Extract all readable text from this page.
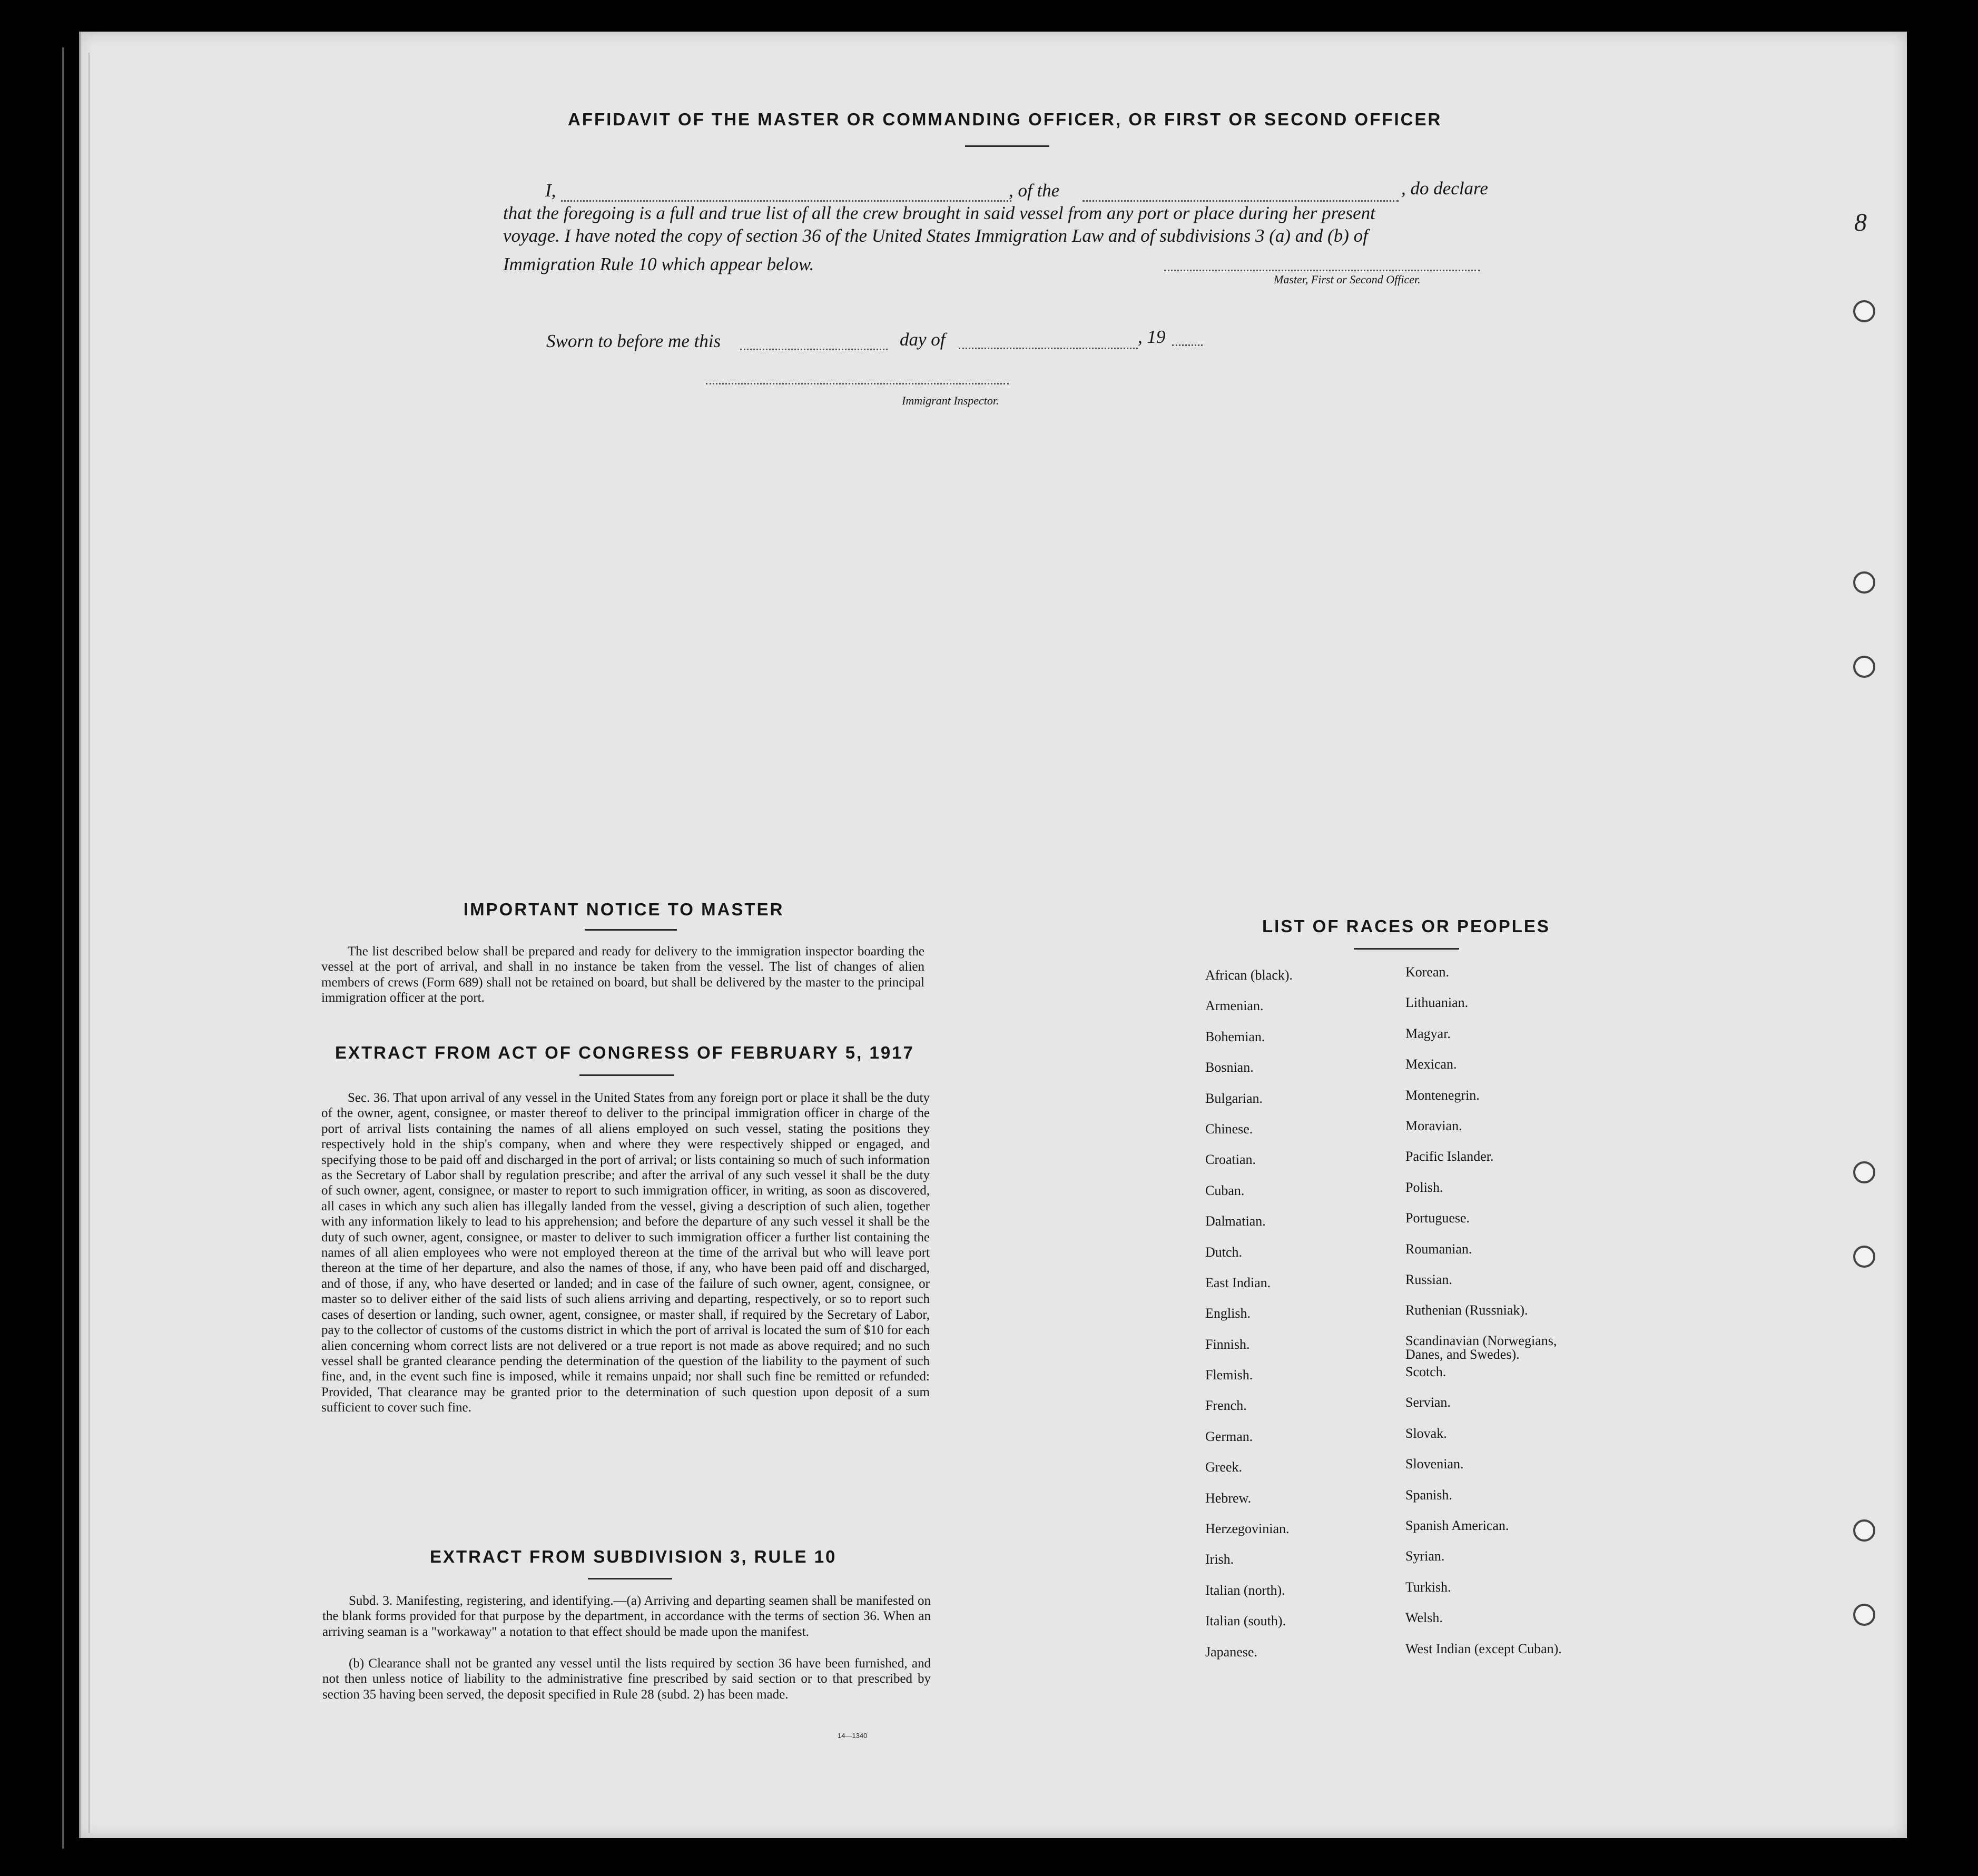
8
AFFIDAVIT OF THE MASTER OR COMMANDING OFFICER, OR FIRST OR SECOND OFFICER
I,	, of the	, do declare
that the foregoing is a full and true list of all the crew brought in said vessel from any port or place during her present
voyage. I have noted the copy of section 36 of the United States Immigration Law and of subdivisions 3 (a) and (b) of
Immigration Rule 10 which appear below.
Master, First or Second Officer.
Sworn to before me this	day of	, 19
Immigrant Inspector.
IMPORTANT NOTICE TO MASTER
The list described below shall be prepared and ready for delivery to the immigration inspector boarding the vessel at the port of arrival, and shall in no instance be taken from the vessel. The list of changes of alien members of crews (Form 689) shall not be retained on board, but shall be delivered by the master to the principal immigration officer at the port.
EXTRACT FROM ACT OF CONGRESS OF FEBRUARY 5, 1917
Sec. 36. That upon arrival of any vessel in the United States from any foreign port or place it shall be the duty of the owner, agent, consignee, or master thereof to deliver to the principal immigration officer in charge of the port of arrival lists containing the names of all aliens employed on such vessel, stating the positions they respectively hold in the ship's company, when and where they were respectively shipped or engaged, and specifying those to be paid off and discharged in the port of arrival; or lists containing so much of such information as the Secretary of Labor shall by regulation prescribe; and after the arrival of any such vessel it shall be the duty of such owner, agent, consignee, or master to report to such immigration officer, in writing, as soon as discovered, all cases in which any such alien has illegally landed from the vessel, giving a description of such alien, together with any information likely to lead to his apprehension; and before the departure of any such vessel it shall be the duty of such owner, agent, consignee, or master to deliver to such immigration officer a further list containing the names of all alien employees who were not employed thereon at the time of the arrival but who will leave port thereon at the time of her departure, and also the names of those, if any, who have been paid off and discharged, and of those, if any, who have deserted or landed; and in case of the failure of such owner, agent, consignee, or master so to deliver either of the said lists of such aliens arriving and departing, respectively, or so to report such cases of desertion or landing, such owner, agent, consignee, or master shall, if required by the Secretary of Labor, pay to the collector of customs of the customs district in which the port of arrival is located the sum of $10 for each alien concerning whom correct lists are not delivered or a true report is not made as above required; and no such vessel shall be granted clearance pending the determination of the question of the liability to the payment of such fine, and, in the event such fine is imposed, while it remains unpaid; nor shall such fine be remitted or refunded: Provided, That clearance may be granted prior to the determination of such question upon deposit of a sum sufficient to cover such fine.
EXTRACT FROM SUBDIVISION 3, RULE 10
Subd. 3. Manifesting, registering, and identifying.—(a) Arriving and departing seamen shall be manifested on the blank forms provided for that purpose by the department, in accordance with the terms of section 36. When an arriving seaman is a "workaway" a notation to that effect should be made upon the manifest.
(b) Clearance shall not be granted any vessel until the lists required by section 36 have been furnished, and not then unless notice of liability to the administrative fine prescribed by said section or to that prescribed by section 35 having been served, the deposit specified in Rule 28 (subd. 2) has been made.
14—1340
LIST OF RACES OR PEOPLES
African (black).
Armenian.
Bohemian.
Bosnian.
Bulgarian.
Chinese.
Croatian.
Cuban.
Dalmatian.
Dutch.
East Indian.
English.
Finnish.
Flemish.
French.
German.
Greek.
Hebrew.
Herzegovinian.
Irish.
Italian (north).
Italian (south).
Japanese.
Korean.
Lithuanian.
Magyar.
Mexican.
Montenegrin.
Moravian.
Pacific Islander.
Polish.
Portuguese.
Roumanian.
Russian.
Ruthenian (Russniak).
Scandinavian (Norwegians, Danes, and Swedes).
Scotch.
Servian.
Slovak.
Slovenian.
Spanish.
Spanish American.
Syrian.
Turkish.
Welsh.
West Indian (except Cuban).
